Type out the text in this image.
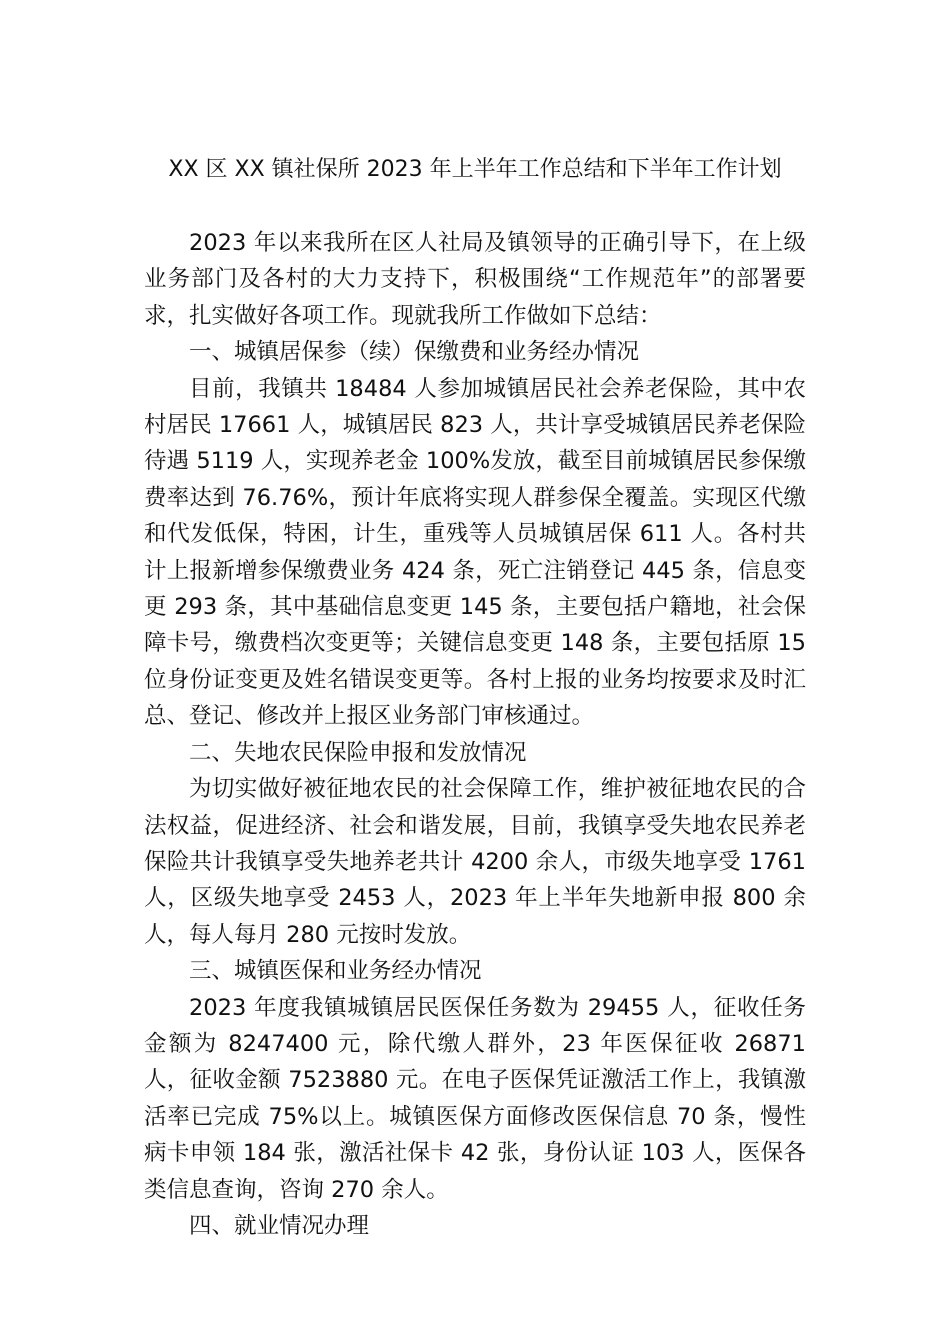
XX 区 XX 镇社保所 2023 年上半年工作总结和下半年工作计划

2023 年以来我所在区人社局及镇领导的正确引导下，在上级业务部门及各村的大力支持下，积极围绕“工作规范年”的部署要求，扎实做好各项工作。现就我所工作做如下总结：

一、城镇居保参（续）保缴费和业务经办情况

目前，我镇共 18484 人参加城镇居民社会养老保险，其中农村居民 17661 人，城镇居民 823 人，共计享受城镇居民养老保险待遇 5119 人，实现养老金 100%发放，截至目前城镇居民参保缴费率达到 76.76%，预计年底将实现人群参保全覆盖。实现区代缴和代发低保，特困，计生，重残等人员城镇居保 611 人。各村共计上报新增参保缴费业务 424 条，死亡注销登记 445 条，信息变更 293 条，其中基础信息变更 145 条，主要包括户籍地，社会保障卡号，缴费档次变更等；关键信息变更 148 条，主要包括原 15 位身份证变更及姓名错误变更等。各村上报的业务均按要求及时汇总、登记、修改并上报区业务部门审核通过。

二、失地农民保险申报和发放情况

为切实做好被征地农民的社会保障工作，维护被征地农民的合法权益，促进经济、社会和谐发展，目前，我镇享受失地农民养老保险共计我镇享受失地养老共计 4200 余人，市级失地享受 1761 人，区级失地享受 2453 人，2023 年上半年失地新申报 800 余人，每人每月 280 元按时发放。

三、城镇医保和业务经办情况

2023 年度我镇城镇居民医保任务数为 29455 人，征收任务金额为 8247400 元，除代缴人群外，23 年医保征收 26871 人，征收金额 7523880 元。在电子医保凭证激活工作上，我镇激活率已完成 75%以上。城镇医保方面修改医保信息 70 条，慢性病卡申领 184 张，激活社保卡 42 张，身份认证 103 人，医保各类信息查询，咨询 270 余人。

四、就业情况办理
